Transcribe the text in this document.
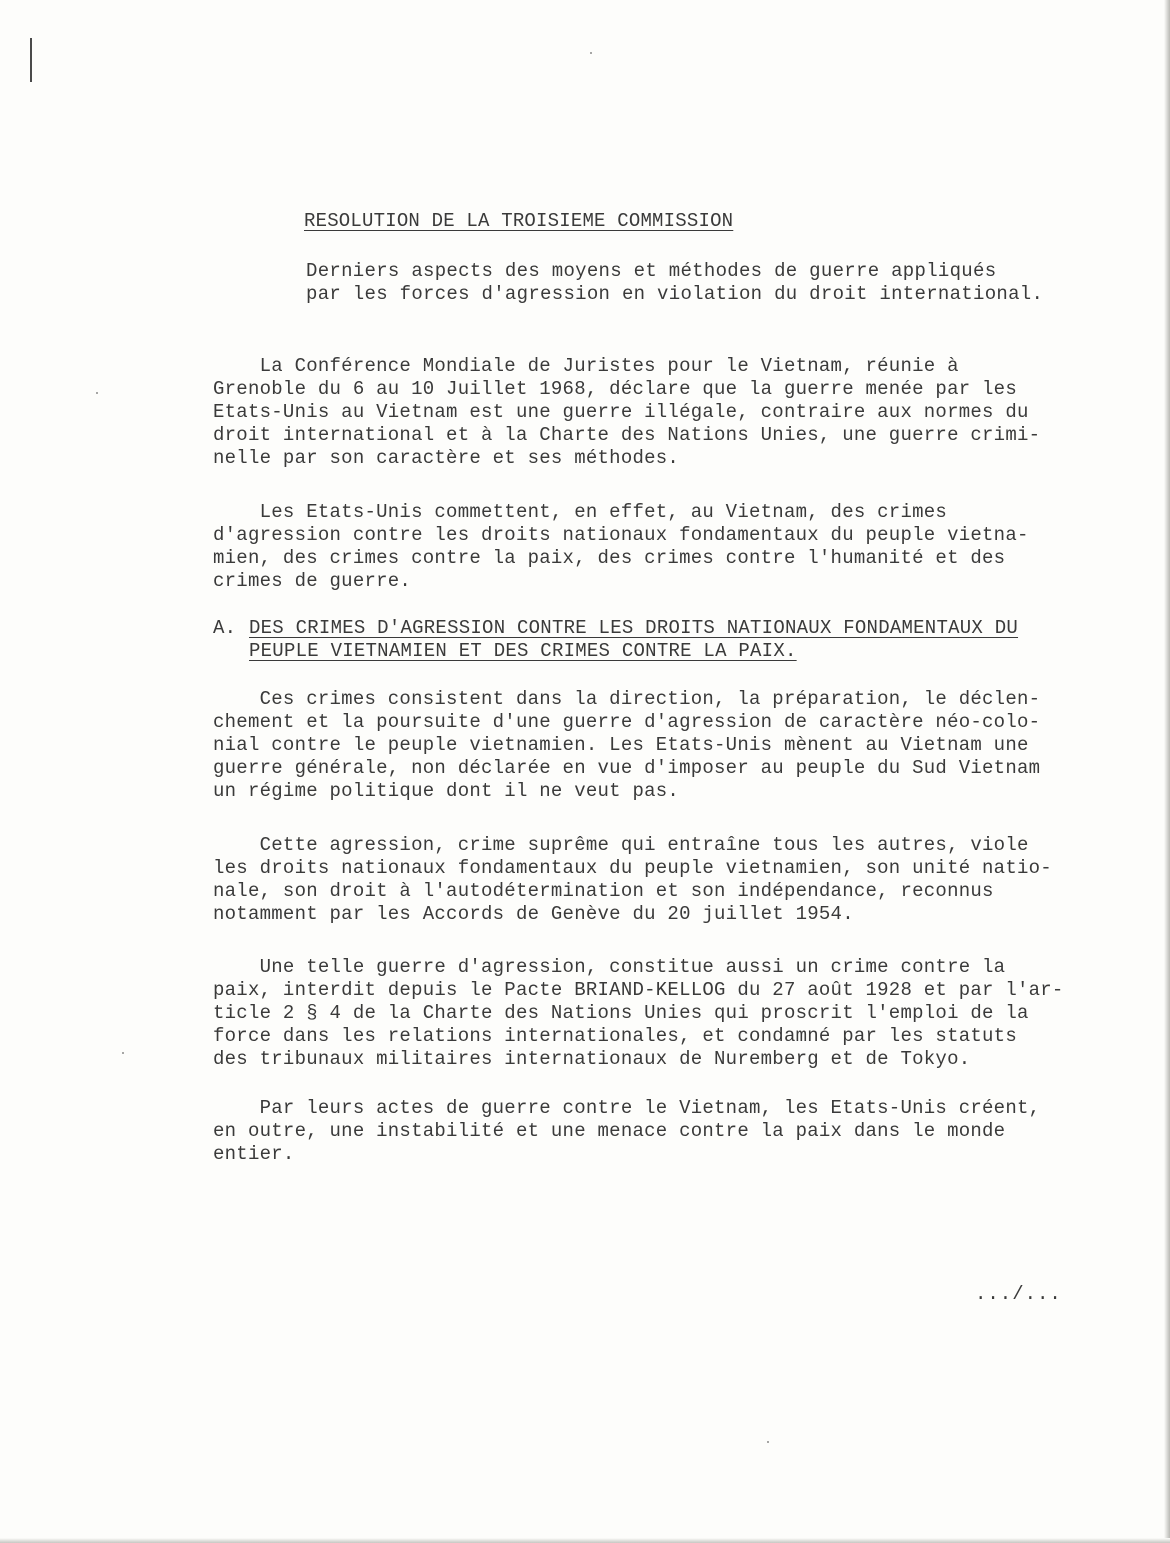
RESOLUTION DE LA TROISIEME COMMISSION

Derniers aspects des moyens et méthodes de guerre appliqués
par les forces d'agression en violation du droit international.
La Conférence Mondiale de Juristes pour le Vietnam, réunie à
Grenoble du 6 au 10 Juillet 1968, déclare que la guerre menée par les
Etats-Unis au Vietnam est une guerre illégale, contraire aux normes du
droit international et à la Charte des Nations Unies, une guerre crimi-
nelle par son caractère et ses méthodes.
Les Etats-Unis commettent, en effet, au Vietnam, des crimes
d'agression contre les droits nationaux fondamentaux du peuple vietna-
mien, des crimes contre la paix, des crimes contre l'humanité et des
crimes de guerre.
A. DES CRIMES D'AGRESSION CONTRE LES DROITS NATIONAUX FONDAMENTAUX DU
PEUPLE VIETNAMIEN ET DES CRIMES CONTRE LA PAIX.
Ces crimes consistent dans la direction, la préparation, le déclen-
chement et la poursuite d'une guerre d'agression de caractère néo-colo-
nial contre le peuple vietnamien. Les Etats-Unis mènent au Vietnam une
guerre générale, non déclarée en vue d'imposer au peuple du Sud Vietnam
un régime politique dont il ne veut pas.
Cette agression, crime suprême qui entraîne tous les autres, viole
les droits nationaux fondamentaux du peuple vietnamien, son unité natio-
nale, son droit à l'autodétermination et son indépendance, reconnus
notamment par les Accords de Genève du 20 juillet 1954.
Une telle guerre d'agression, constitue aussi un crime contre la
paix, interdit depuis le Pacte BRIAND-KELLOG du 27 août 1928 et par l'ar-
ticle 2 § 4 de la Charte des Nations Unies qui proscrit l'emploi de la
force dans les relations internationales, et condamné par les statuts
des tribunaux militaires internationaux de Nuremberg et de Tokyo.
Par leurs actes de guerre contre le Vietnam, les Etats-Unis créent,
en outre, une instabilité et une menace contre la paix dans le monde
entier.
.../...
